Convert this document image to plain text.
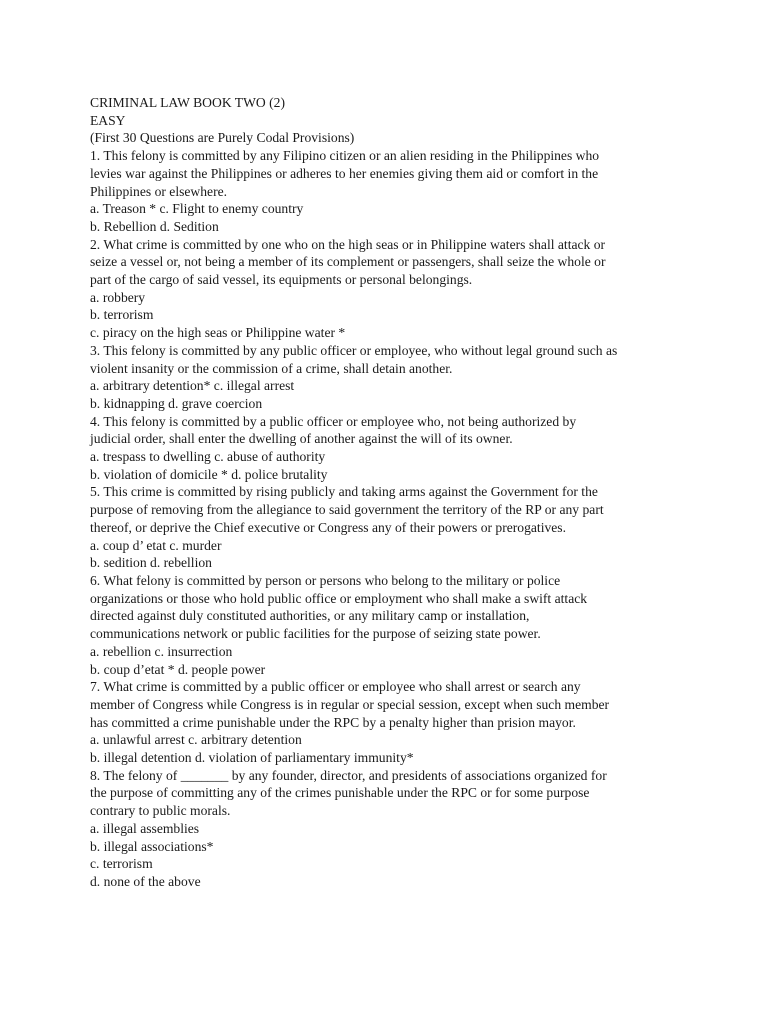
CRIMINAL LAW BOOK TWO (2)
EASY
(First 30 Questions are Purely Codal Provisions)
1. This felony is committed by any Filipino citizen or an alien residing in the Philippines who
levies war against the Philippines or adheres to her enemies giving them aid or comfort in the
Philippines or elsewhere.
a. Treason * c. Flight to enemy country
b. Rebellion d. Sedition
2. What crime is committed by one who on the high seas or in Philippine waters shall attack or
seize a vessel or, not being a member of its complement or passengers, shall seize the whole or
part of the cargo of said vessel, its equipments or personal belongings.
a. robbery
b. terrorism
c. piracy on the high seas or Philippine water *
3. This felony is committed by any public officer or employee, who without legal ground such as
violent insanity or the commission of a crime, shall detain another.
a. arbitrary detention* c. illegal arrest
b. kidnapping d. grave coercion
4. This felony is committed by a public officer or employee who, not being authorized by
judicial order, shall enter the dwelling of another against the will of its owner.
a. trespass to dwelling c. abuse of authority
b. violation of domicile * d. police brutality
5. This crime is committed by rising publicly and taking arms against the Government for the
purpose of removing from the allegiance to said government the territory of the RP or any part
thereof, or deprive the Chief executive or Congress any of their powers or prerogatives.
a. coup d’ etat c. murder
b. sedition d. rebellion
6. What felony is committed by person or persons who belong to the military or police
organizations or those who hold public office or employment who shall make a swift attack
directed against duly constituted authorities, or any military camp or installation,
communications network or public facilities for the purpose of seizing state power.
a. rebellion c. insurrection
b. coup d’etat * d. people power
7. What crime is committed by a public officer or employee who shall arrest or search any
member of Congress while Congress is in regular or special session, except when such member
has committed a crime punishable under the RPC by a penalty higher than prision mayor.
a. unlawful arrest c. arbitrary detention
b. illegal detention d. violation of parliamentary immunity*
8. The felony of _______ by any founder, director, and presidents of associations organized for
the purpose of committing any of the crimes punishable under the RPC or for some purpose
contrary to public morals.
a. illegal assemblies
b. illegal associations*
c. terrorism
d. none of the above
